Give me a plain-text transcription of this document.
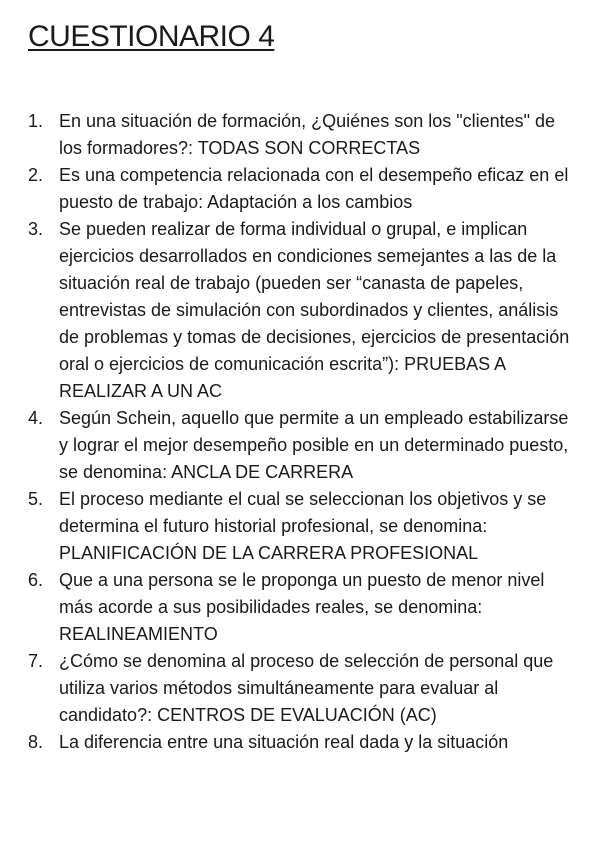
CUESTIONARIO 4
1. En una situación de formación, ¿Quiénes son los "clientes" de los formadores?: TODAS SON CORRECTAS
2. Es una competencia relacionada con el desempeño eficaz en el puesto de trabajo: Adaptación a los cambios
3. Se pueden realizar de forma individual o grupal, e implican ejercicios desarrollados en condiciones semejantes a las de la situación real de trabajo (pueden ser “canasta de papeles, entrevistas de simulación con subordinados y clientes, análisis de problemas y tomas de decisiones, ejercicios de presentación oral o ejercicios de comunicación escrita”): PRUEBAS A REALIZAR A UN AC
4. Según Schein, aquello que permite a un empleado estabilizarse y lograr el mejor desempeño posible en un determinado puesto, se denomina: ANCLA DE CARRERA
5. El proceso mediante el cual se seleccionan los objetivos y se determina el futuro historial profesional, se denomina: PLANIFICACIÓN DE LA CARRERA PROFESIONAL
6. Que a una persona se le proponga un puesto de menor nivel más acorde a sus posibilidades reales, se denomina: REALINEAMIENTO
7. ¿Cómo se denomina al proceso de selección de personal que utiliza varios métodos simultáneamente para evaluar al candidato?: CENTROS DE EVALUACIÓN (AC)
8. La diferencia entre una situación real dada y la situación
